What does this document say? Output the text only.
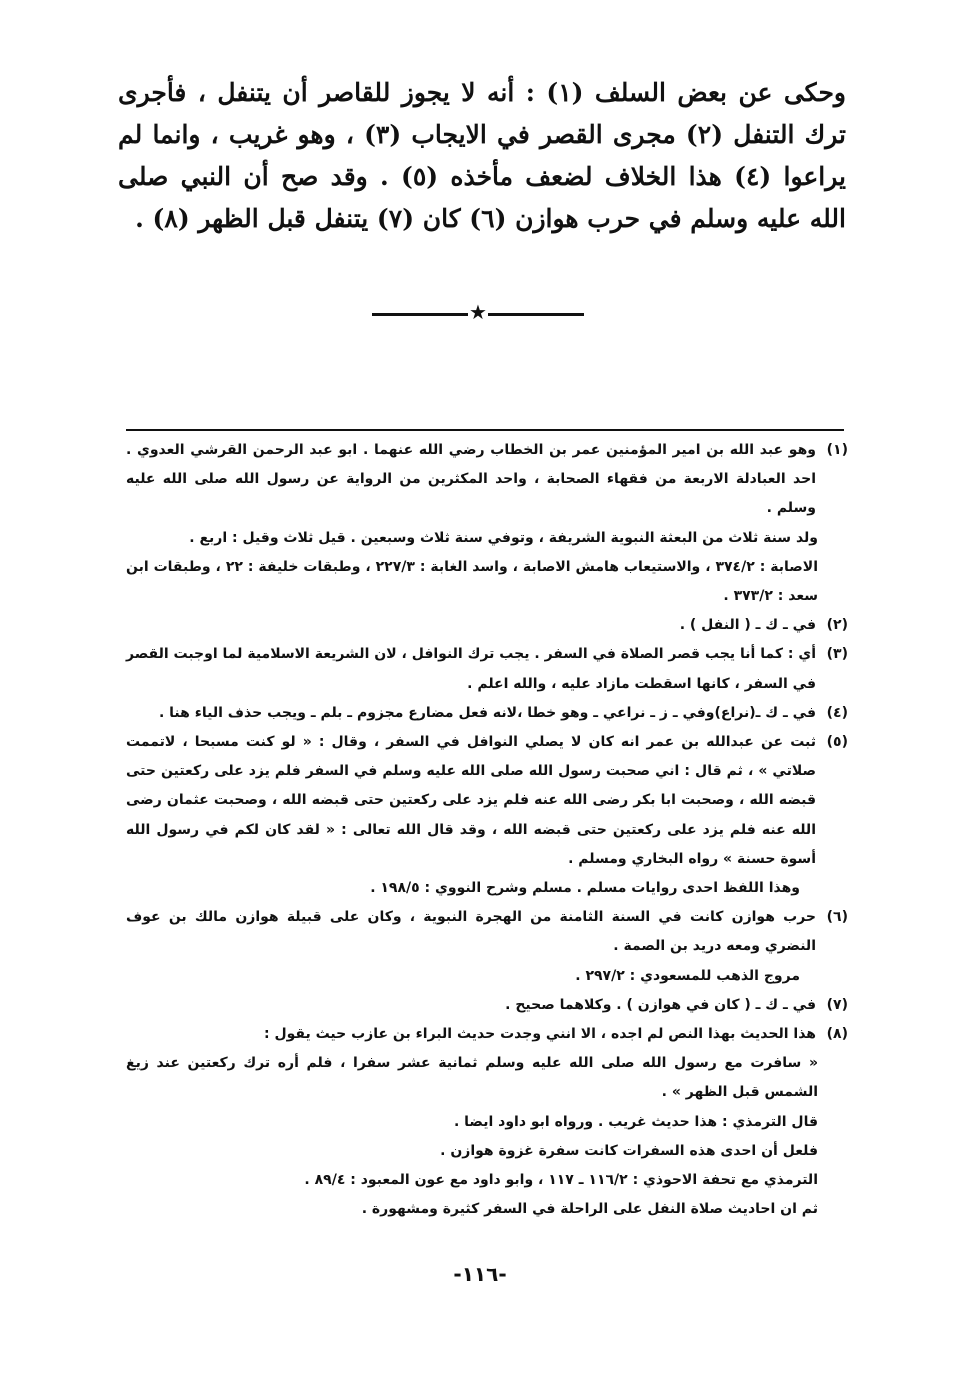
وحكى عن بعض السلف (١) : أنه لا يجوز للقاصر أن يتنفل ، فأجرى ترك التنفل (٢) مجرى القصر في الايجاب (٣) ، وهو غريب ، وانما لم يراعوا (٤) هذا الخلاف لضعف مأخذه (٥) . وقد صح أن النبي صلى الله عليه وسلم في حرب هوازن (٦) كان (٧) يتنفل قبل الظهر (٨) .

★
(١)
وهو عبد الله بن امير المؤمنين عمر بن الخطاب رضي الله عنهما . ابو عبد الرحمن القرشي العدوي . احد العبادلة الاربعة من فقهاء الصحابة ، واحد المكثرين من الرواية عن رسول الله صلى الله عليه وسلم .
ولد سنة ثلاث من البعثة النبوية الشريفة ، وتوفي سنة ثلاث وسبعين . قيل ثلاث وقيل : اربع .
الاصابة : ٣٧٤/٢ ، والاستيعاب هامش الاصابة ، واسد الغابة : ٢٢٧/٣ ، وطبقات خليفة : ٢٢ ، وطبقات ابن سعد : ٣٧٣/٢ .
(٢)
في ـ ك ـ ( النفل ) .
(٣)
أي : كما أنا يجب قصر الصلاة في السفر . يجب ترك النوافل ، لان الشريعة الاسلامية لما اوجبت القصر في السفر ، كانها اسقطت مازاد عليه ، والله اعلم .
(٤)
في ـ ك ـ(نراع)وفي ـ ز ـ نراعي ـ وهو خطا ،لانه فعل مضارع مجزوم ـ بلم ـ ويجب حذف الياء هنا .
(٥)
ثبت عن عبدالله بن عمر انه كان لا يصلي النوافل في السفر ، وقال : « لو كنت مسبحا ، لاتممت صلاتي » ، ثم قال : اني صحبت رسول الله صلى الله عليه وسلم في السفر فلم يزد على ركعتين حتى قبضه الله ، وصحبت ابا بكر رضى الله عنه فلم يزد على ركعتين حتى قبضه الله ، وصحبت عثمان رضى الله عنه فلم يزد على ركعتين حتى قبضه الله ، وقد قال الله تعالى : « لقد كان لكم في رسول الله أسوة حسنة » رواه البخاري ومسلم .
وهذا اللفظ احدى روايات مسلم . مسلم وشرح النووي : ١٩٨/٥ .
(٦)
حرب هوازن كانت في السنة الثامنة من الهجرة النبوية ، وكان على قبيلة هوازن مالك بن عوف النضري ومعه دريد بن الصمة .
مروج الذهب للمسعودي : ٢٩٧/٢ .
(٧)
في ـ ك ـ ( كان في هوازن ) . وكلاهما صحيح .
(٨)
هذا الحديث بهذا النص لم اجده ، الا انني وجدت حديث البراء بن عازب حيث يقول :
« سافرت مع رسول الله صلى الله عليه وسلم ثمانية عشر سفرا ، فلم أره ترك ركعتين عند زيغ الشمس قبل الظهر » .
قال الترمذي : هذا حديث غريب . ورواه ابو داود ايضا .
فلعل أن احدى هذه السفرات كانت سفرة غزوة هوازن .
الترمذي مع تحفة الاحوذي : ١١٦/٢ ـ ١١٧ ، وابو داود مع عون المعبود : ٨٩/٤ .
ثم ان احاديث صلاة النفل على الراحلة في السفر كثيرة ومشهورة .
-١١٦-
